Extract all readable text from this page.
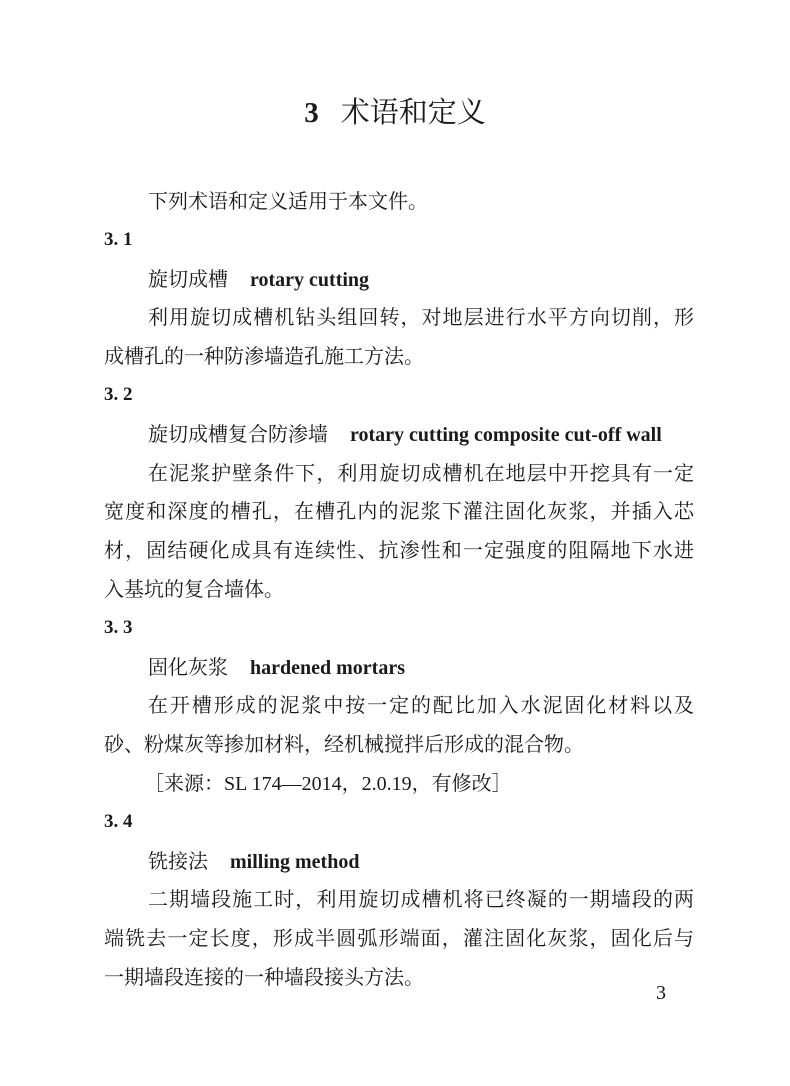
3 术语和定义
下列术语和定义适用于本文件。
3. 1
旋切成槽 rotary cutting
利用旋切成槽机钻头组回转，对地层进行水平方向切削，形
成槽孔的一种防渗墙造孔施工方法。
3. 2
旋切成槽复合防渗墙 rotary cutting composite cut-off wall
在泥浆护壁条件下，利用旋切成槽机在地层中开挖具有一定
宽度和深度的槽孔，在槽孔内的泥浆下灌注固化灰浆，并插入芯
材，固结硬化成具有连续性、抗渗性和一定强度的阻隔地下水进
入基坑的复合墙体。
3. 3
固化灰浆 hardened mortars
在开槽形成的泥浆中按一定的配比加入水泥固化材料以及
砂、粉煤灰等掺加材料，经机械搅拌后形成的混合物。
［来源：SL 174—2014，2.0.19，有修改］
3. 4
铣接法 milling method
二期墙段施工时，利用旋切成槽机将已终凝的一期墙段的两
端铣去一定长度，形成半圆弧形端面，灌注固化灰浆，固化后与
一期墙段连接的一种墙段接头方法。
3
